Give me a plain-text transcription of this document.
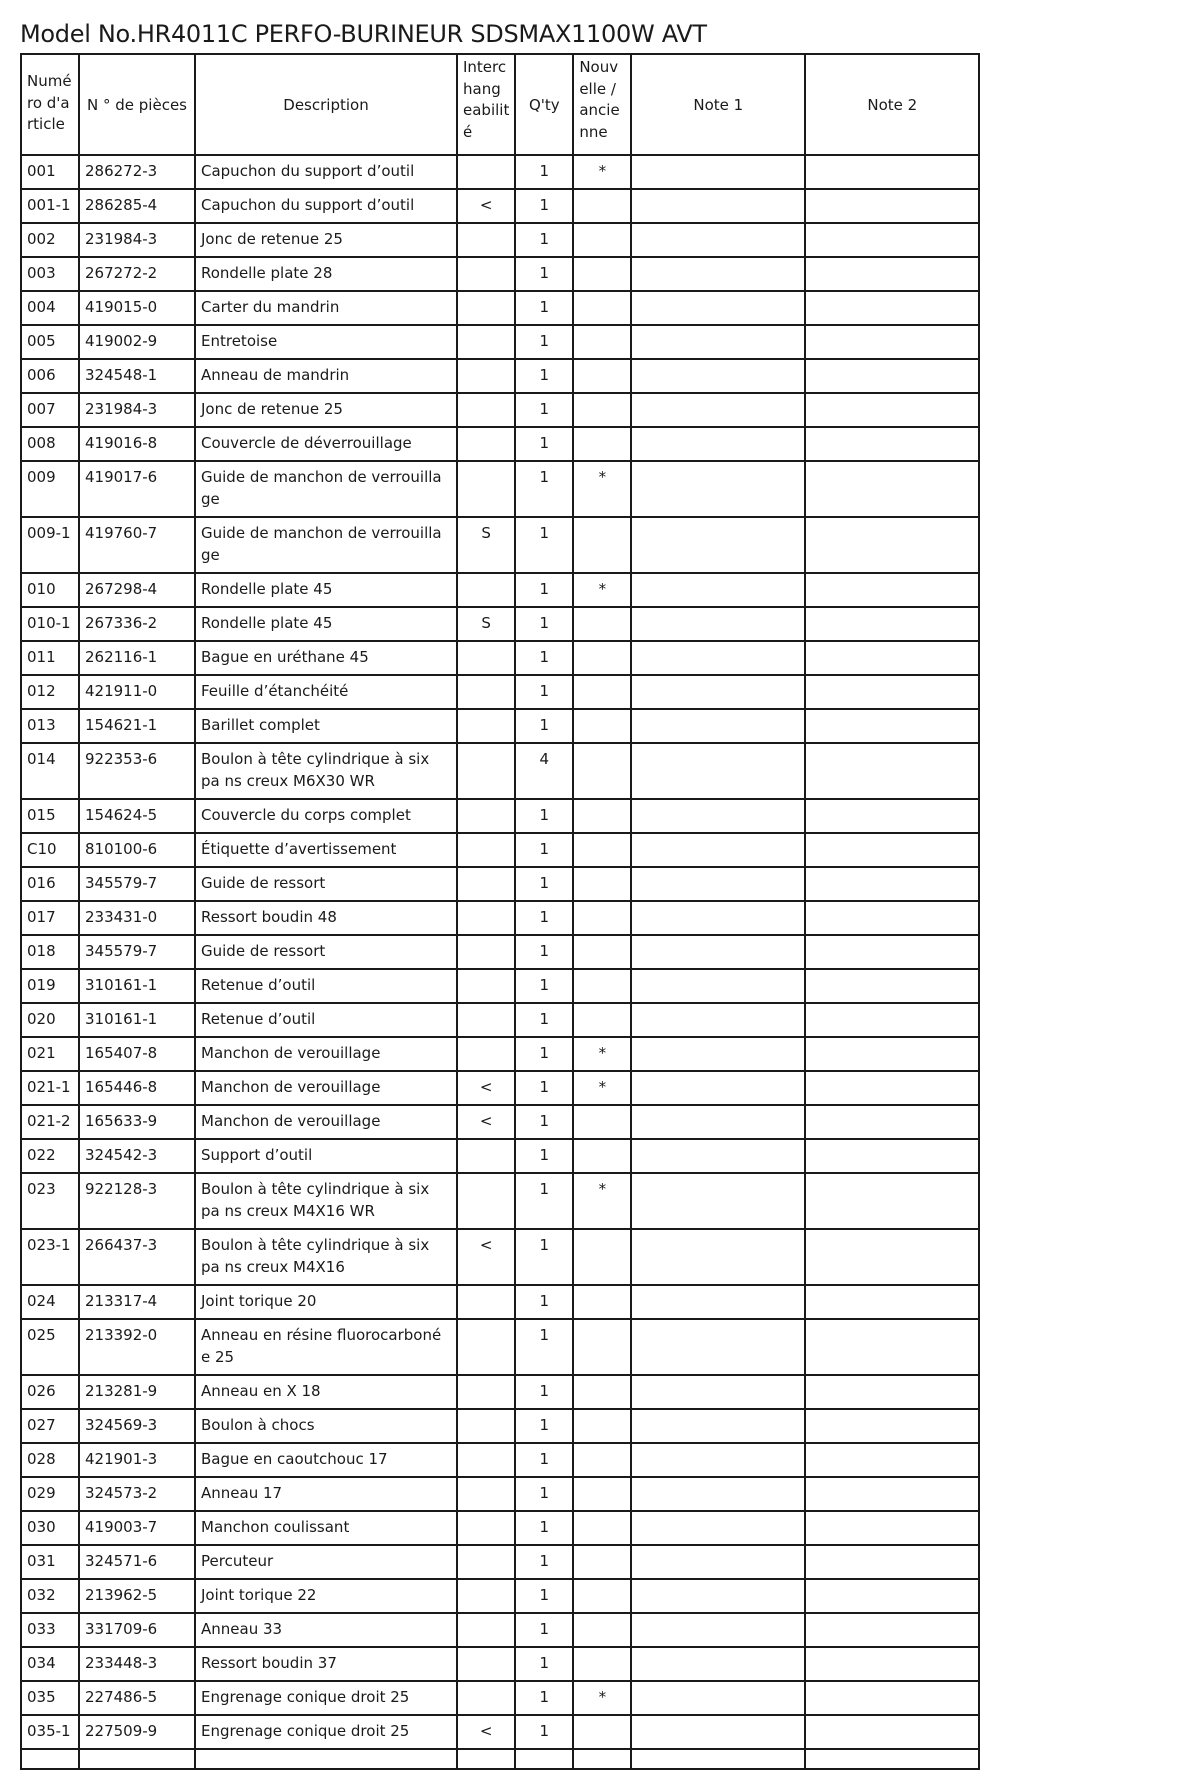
Model No.HR4011C PERFO-BURINEUR SDSMAX1100W AVT
Numé ro d'a rticle	N ° de pièces	Description	Interc hang eabilit é	Q'ty	Nouv elle / ancie nne	Note 1	Note 2
001	286272-3	Capuchon du support d’outil		1	*		
001-1	286285-4	Capuchon du support d’outil	<	1			
002	231984-3	Jonc de retenue 25		1			
003	267272-2	Rondelle plate 28		1			
004	419015-0	Carter du mandrin		1			
005	419002-9	Entretoise		1			
006	324548-1	Anneau de mandrin		1			
007	231984-3	Jonc de retenue 25		1			
008	419016-8	Couvercle de déverrouillage		1			
009	419017-6	Guide de manchon de verrouilla ge		1	*		
009-1	419760-7	Guide de manchon de verrouilla ge	S	1			
010	267298-4	Rondelle plate 45		1	*		
010-1	267336-2	Rondelle plate 45	S	1			
011	262116-1	Bague en uréthane 45		1			
012	421911-0	Feuille d’étanchéité		1			
013	154621-1	Barillet complet		1			
014	922353-6	Boulon à tête cylindrique à six pa ns creux M6X30 WR		4			
015	154624-5	Couvercle du corps complet		1			
C10	810100-6	Étiquette d’avertissement		1			
016	345579-7	Guide de ressort		1			
017	233431-0	Ressort boudin 48		1			
018	345579-7	Guide de ressort		1			
019	310161-1	Retenue d’outil		1			
020	310161-1	Retenue d’outil		1			
021	165407-8	Manchon de verouillage		1	*		
021-1	165446-8	Manchon de verouillage	<	1	*		
021-2	165633-9	Manchon de verouillage	<	1			
022	324542-3	Support d’outil		1			
023	922128-3	Boulon à tête cylindrique à six pa ns creux M4X16 WR		1	*		
023-1	266437-3	Boulon à tête cylindrique à six pa ns creux M4X16	<	1			
024	213317-4	Joint torique 20		1			
025	213392-0	Anneau en résine fluorocarboné e 25		1			
026	213281-9	Anneau en X 18		1			
027	324569-3	Boulon à chocs		1			
028	421901-3	Bague en caoutchouc 17		1			
029	324573-2	Anneau 17		1			
030	419003-7	Manchon coulissant		1			
031	324571-6	Percuteur		1			
032	213962-5	Joint torique 22		1			
033	331709-6	Anneau 33		1			
034	233448-3	Ressort boudin 37		1			
035	227486-5	Engrenage conique droit 25		1	*		
035-1	227509-9	Engrenage conique droit 25	<	1			
